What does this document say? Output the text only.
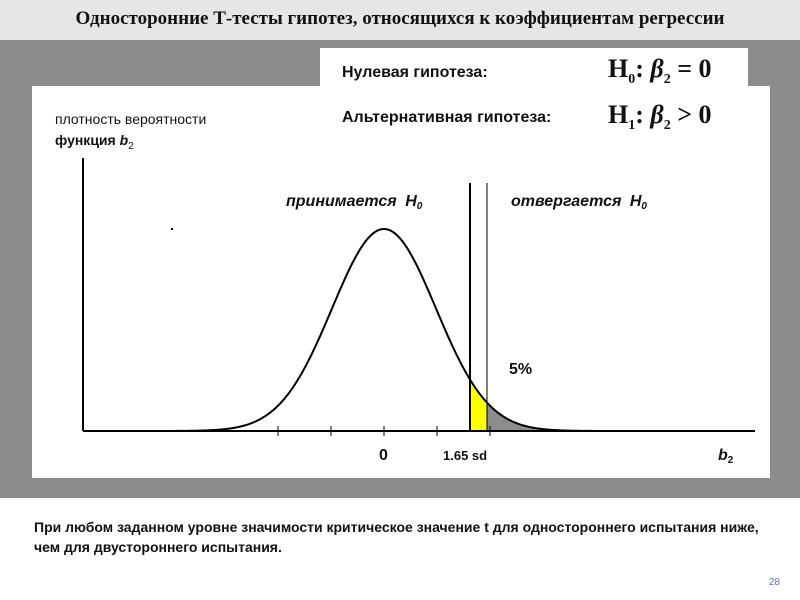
Односторонние Т-тесты гипотез, относящихся к коэффициентам регрессии
Нулевая гипотеза:	$H_0$: $\beta_2 = 0$
Альтернативная гипотеза: $H_1$: $\beta_2 > 0$
плотность вероятности
функция $b_2$
принимается H0	отвергается H0
5%
0	1.65 sd	b2
При любом заданном уровне значимости критическое значение t для одностороннего испытания ниже, чем для двустороннего испытания.
28
